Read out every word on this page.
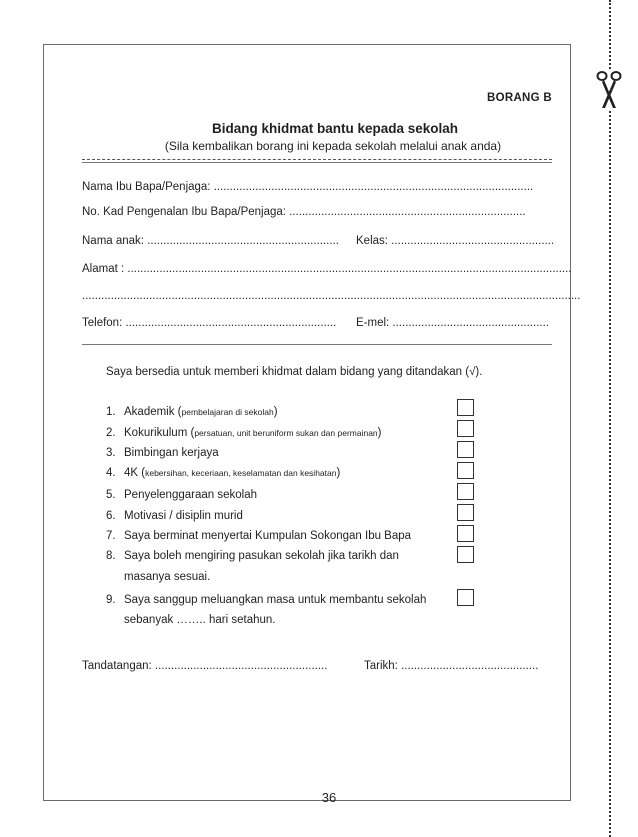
BORANG B
Bidang khidmat bantu kepada sekolah
(Sila kembalikan borang ini kepada sekolah melalui anak anda)
Nama Ibu Bapa/Penjaga: ....................................................................................................
No. Kad Pengenalan Ibu Bapa/Penjaga: ..........................................................................
Nama anak: ............................................................ Kelas: ...................................................
Alamat : ...........................................................................................................................................
............................................................................................................................................................
Telefon: .................................................................. E-mel: .................................................
Saya bersedia untuk memberi khidmat dalam bidang yang ditandakan (√).
1. Akademik (pembelajaran di sekolah)
2. Kokurikulum (persatuan, unit beruniform sukan dan permainan)
3. Bimbingan kerjaya
4. 4K (kebersihan, keceriaan, keselamatan dan kesihatan)
5. Penyelenggaraan sekolah
6. Motivasi / disiplin murid
7. Saya berminat menyertai Kumpulan Sokongan Ibu Bapa
8. Saya boleh mengiring pasukan sekolah jika tarikh dan
masanya sesuai.
9. Saya sanggup meluangkan masa untuk membantu sekolah
sebanyak …….. hari setahun.
Tandatangan: ......................................................	Tarikh: ...........................................
36
